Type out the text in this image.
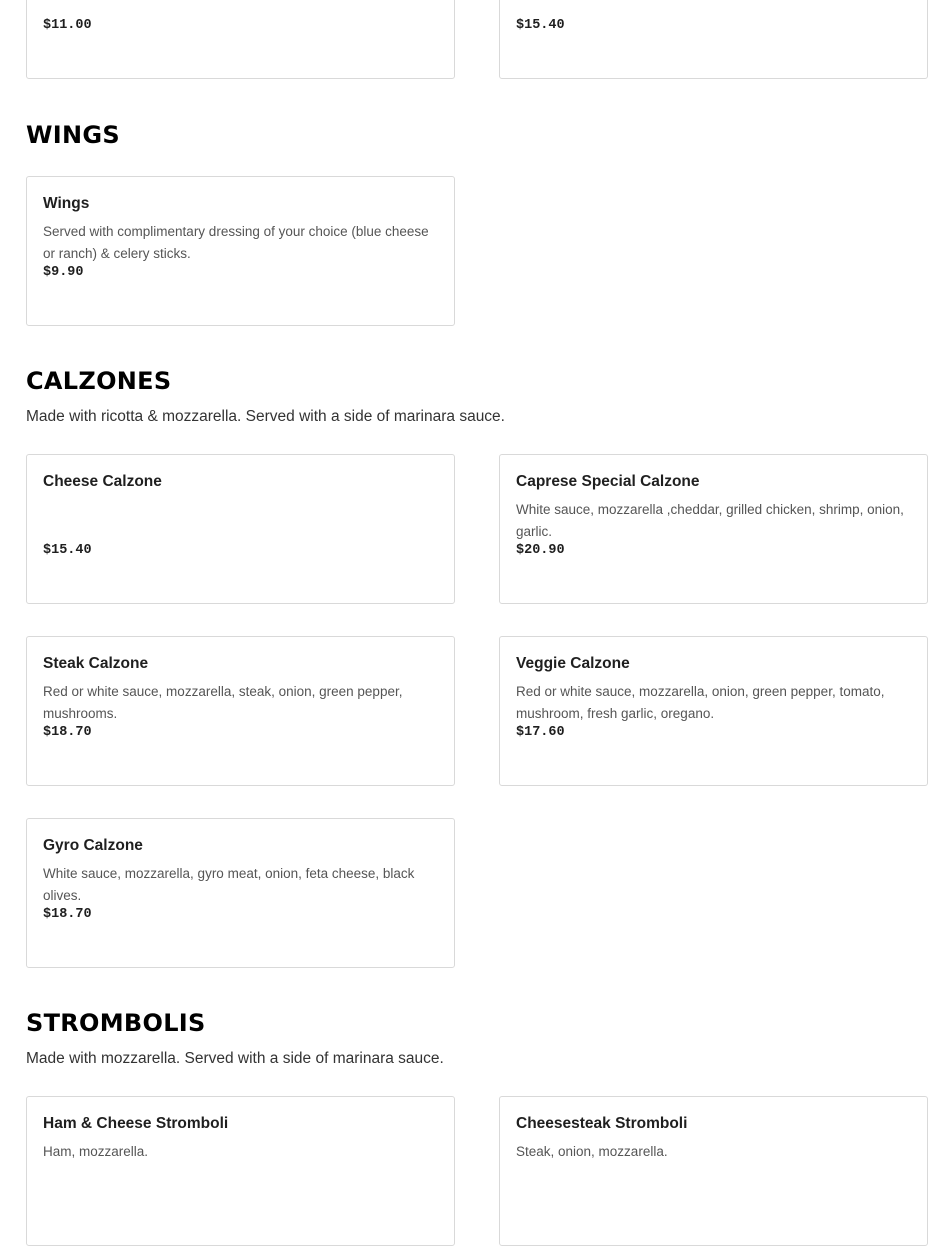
$11.00	$15.40
WINGS
Wings
Served with complimentary dressing of your choice (blue cheese or ranch) & celery sticks.
$9.90
CALZONES

Made with ricotta & mozzarella. Served with a side of marinara sauce.

Cheese Calzone
$15.40
Caprese Special Calzone
White sauce, mozzarella ,cheddar, grilled chicken, shrimp, onion, garlic.
$20.90
Steak Calzone
Red or white sauce, mozzarella, steak, onion, green pepper, mushrooms.
$18.70
Veggie Calzone
Red or white sauce, mozzarella, onion, green pepper, tomato, mushroom, fresh garlic, oregano.
$17.60
Gyro Calzone
White sauce, mozzarella, gyro meat, onion, feta cheese, black olives.
$18.70
STROMBOLIS

Made with mozzarella. Served with a side of marinara sauce.

Ham & Cheese Stromboli
Ham, mozzarella.
Cheesesteak Stromboli
Steak, onion, mozzarella.
